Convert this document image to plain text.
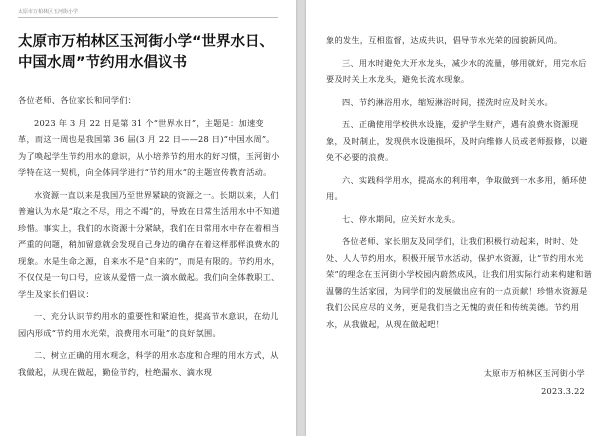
太原市万柏林区玉河街小学
太原市万柏林区玉河街小学“世界水日、中国水周”节约用水倡议书

各位老师、各位家长和同学们：

2023 年 3 月 22 日是第 31 个“世界水日”，主题是：加速变革，而这一周也是我国第 36 届(3 月 22 日——28 日)“中国水周”。为了唤起学生节约用水的意识，从小培养节约用水的好习惯，玉河街小学特在这一契机，向全体同学进行“节约用水”的主题宣传教育活动。

水资源一直以来是我国乃至世界紧缺的资源之一。长期以来，人们普遍认为水是“取之不尽，用之不竭”的，导致在日常生活用水中不知道珍惜。事实上，我们的水资源十分紧缺，我们在日常用水中存在着相当严重的问题，稍加留意就会发现自己身边的确存在着这样那样浪费水的现象。水是生命之源，自来水不是“自来的”，而是有限的。节约用水，不仅仅是一句口号，应该从爱惜一点一滴水做起。我们向全体教职工、学生及家长们倡议：

一、充分认识节约用水的重要性和紧迫性，提高节水意识，在幼儿园内形成“节约用水光荣，浪费用水可耻”的良好氛围。

二、树立正确的用水观念，科学的用水态度和合理的用水方式，从我做起，从现在做起，勤俭节约，杜绝漏水、滴水现

象的发生，互相监督，达成共识，倡导节水光荣的园貌新风尚。

三、用水时避免大开水龙头，减少水的流量，够用就好，用完水后要及时关上水龙头，避免长流水现象。

四、节约淋浴用水，缩短淋浴时间，搓洗时应及时关水。

五、正确使用学校供水设施，爱护学生财产，遇有浪费水资源现象，及时制止，发现供水设施损坏，及时向维修人员或老师报修，以避免不必要的浪费。

六、实践科学用水，提高水的利用率，争取做到一水多用，循环使用。

七、停水期间，应关好水龙头。

各位老师、家长朋友及同学们，让我们积极行动起来，时时、处处、人人节约用水，积极开展节水活动，保护水资源，让“节约用水光荣”的理念在玉河街小学校园内蔚然成风，让我们用实际行动来构建和谐温馨的生活家园，为同学们的发展做出应有的一点贡献！珍惜水资源是我们公民应尽的义务，更是我们当之无愧的责任和传统美德。节约用水，从我做起，从现在做起吧！

太原市万柏林区玉河街小学
2023.3.22
